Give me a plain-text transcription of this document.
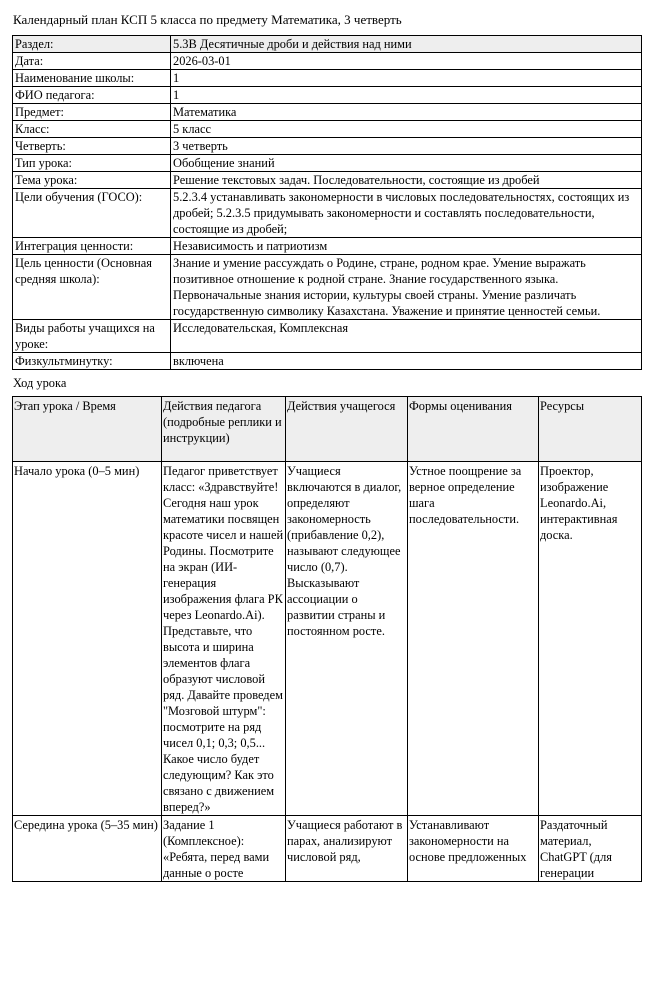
Календарный план КСП 5 класса по предмету Математика, 3 четверть
Раздел:	5.3В Десятичные дроби и действия над ними
Дата:	2026-03-01
Наименование школы:	1
ФИО педагога:	1
Предмет:	Математика
Класс:	5 класс
Четверть:	3 четверть
Тип урока:	Обобщение знаний
Тема урока:	Решение текстовых задач. Последовательности, состоящие из дробей
Цели обучения (ГОСО):	5.2.3.4 устанавливать закономерности в числовых последовательностях, состоящих из дробей; 5.2.3.5 придумывать закономерности и составлять последовательности, состоящие из дробей;
Интеграция ценности:	Независимость и патриотизм
Цель ценности (Основная средняя школа):	Знание и умение рассуждать о Родине, стране, родном крае. Умение выражать позитивное отношение к родной стране. Знание государственного языка. Первоначальные знания истории, культуры своей страны. Умение различать государственную символику Казахстана. Уважение и принятие ценностей семьи.
Виды работы учащихся на уроке:	Исследовательская, Комплексная
Физкультминутку:	включена
Ход урока
Этап урока / Время	Действия педагога (подробные реплики и инструкции)	Действия учащегося	Формы оценивания	Ресурсы
Начало урока (0–5 мин)	Педагог приветствует класс: «Здравствуйте! Сегодня наш урок математики посвящен красоте чисел и нашей Родины. Посмотрите на экран (ИИ-генерация изображения флага РК через Leonardo.Ai). Представьте, что высота и ширина элементов флага образуют числовой ряд. Давайте проведем "Мозговой штурм": посмотрите на ряд чисел 0,1; 0,3; 0,5... Какое число будет следующим? Как это связано с движением вперед?»	Учащиеся включаются в диалог, определяют закономерность (прибавление 0,2), называют следующее число (0,7). Высказывают ассоциации о развитии страны и постоянном росте.	Устное поощрение за верное определение шага последовательности.	Проектор, изображение Leonardo.Ai, интерактивная доска.
Середина урока (5–35 мин)	Задание 1 (Комплексное): «Ребята, перед вами данные о росте	Учащиеся работают в парах, анализируют числовой ряд,	Устанавливают закономерности на основе предложенных	Раздаточный материал, ChatGPT (для генерации
